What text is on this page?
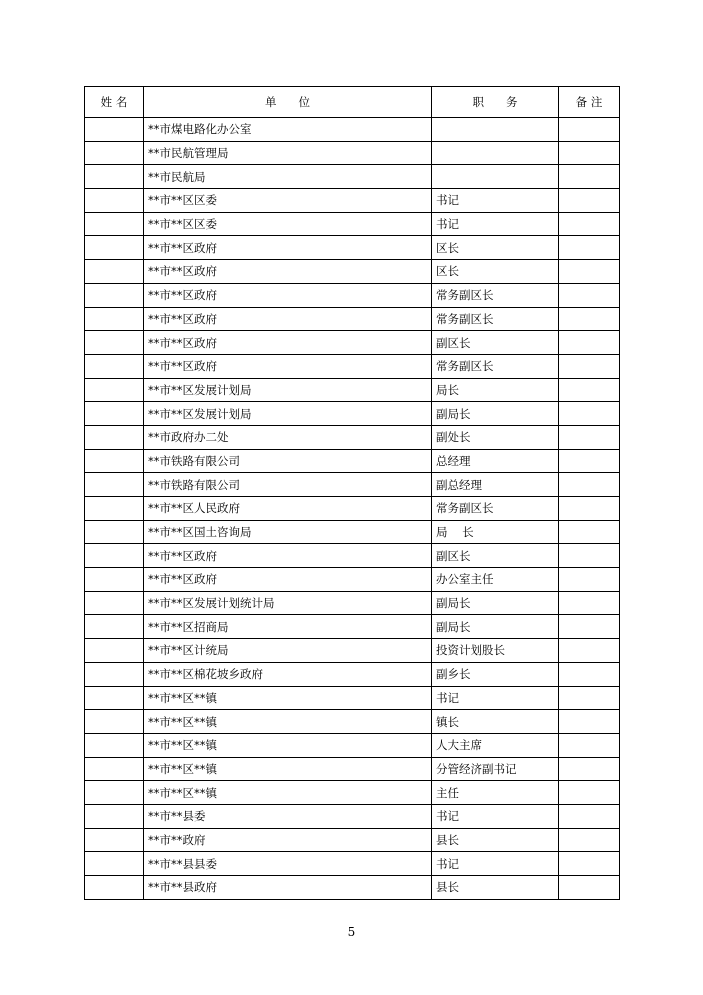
姓 名	单      位	职      务	备 注
	**市煤电路化办公室		
	**市民航管理局		
	**市民航局		
	**市**区区委	书记	
	**市**区区委	书记	
	**市**区政府	区长	
	**市**区政府	区长	
	**市**区政府	常务副区长	
	**市**区政府	常务副区长	
	**市**区政府	副区长	
	**市**区政府	常务副区长	
	**市**区发展计划局	局长	
	**市**区发展计划局	副局长	
	**市政府办二处	副处长	
	**市铁路有限公司	总经理	
	**市铁路有限公司	副总经理	
	**市**区人民政府	常务副区长	
	**市**区国土咨询局	局    长	
	**市**区政府	副区长	
	**市**区政府	办公室主任	
	**市**区发展计划统计局	副局长	
	**市**区招商局	副局长	
	**市**区计统局	投资计划股长	
	**市**区棉花坡乡政府	副乡长	
	**市**区**镇	书记	
	**市**区**镇	镇长	
	**市**区**镇	人大主席	
	**市**区**镇	分管经济副书记	
	**市**区**镇	主任	
	**市**县委	书记	
	**市**政府	县长	
	**市**县县委	书记	
	**市**县政府	县长	
5
